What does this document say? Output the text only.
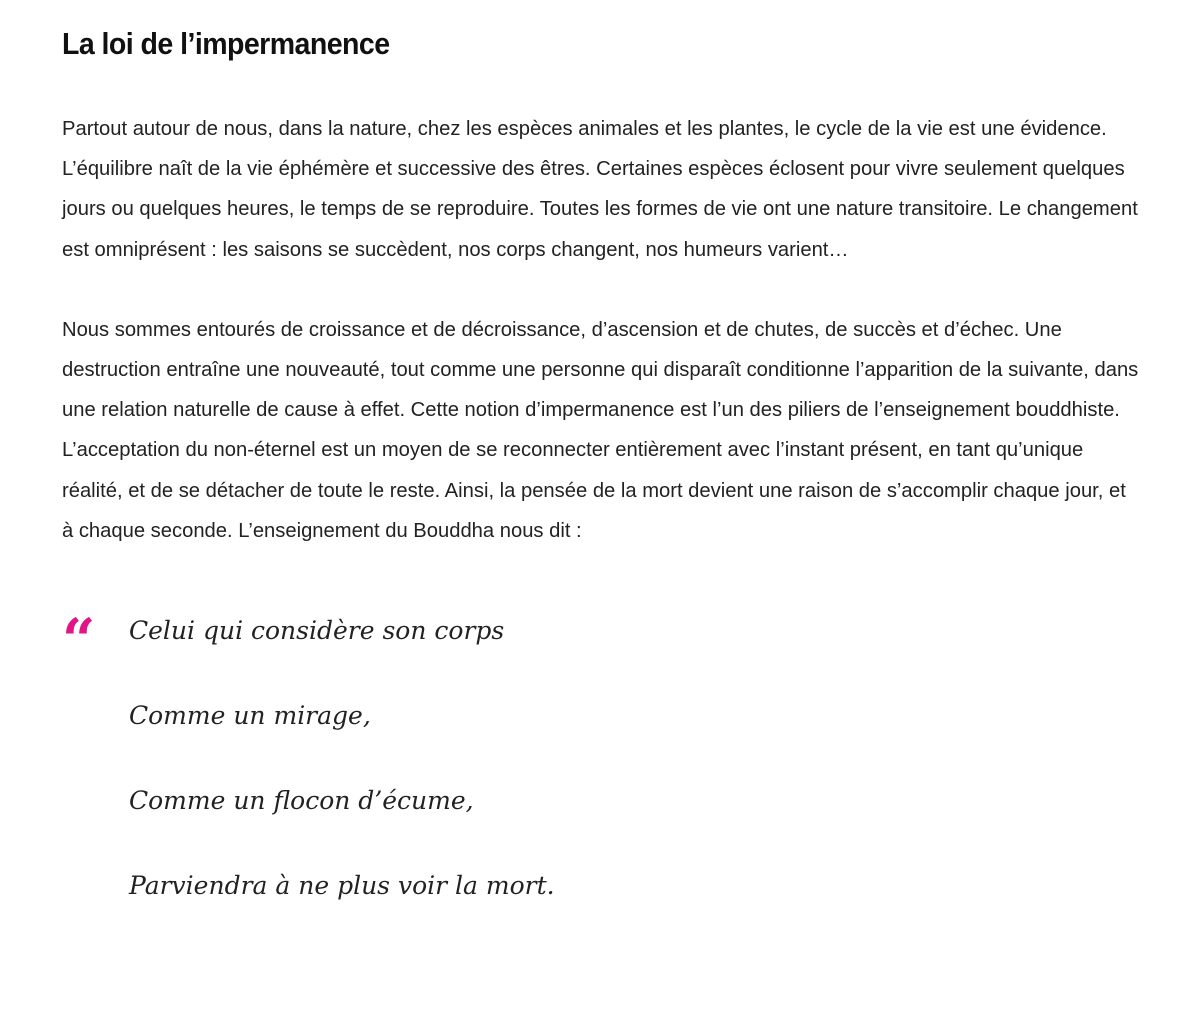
La loi de l’impermanence

Partout autour de nous, dans la nature, chez les espèces animales et les plantes, le cycle de la vie est une évidence. L’équilibre naît de la vie éphémère et successive des êtres. Certaines espèces éclosent pour vivre seulement quelques jours ou quelques heures, le temps de se reproduire. Toutes les formes de vie ont une nature transitoire. Le changement est omniprésent : les saisons se succèdent, nos corps changent, nos humeurs varient…

Nous sommes entourés de croissance et de décroissance, d’ascension et de chutes, de succès et d’échec. Une destruction entraîne une nouveauté, tout comme une personne qui disparaît conditionne l’apparition de la suivante, dans une relation naturelle de cause à effet. Cette notion d’impermanence est l’un des piliers de l’enseignement bouddhiste. L’acceptation du non-éternel est un moyen de se reconnecter entièrement avec l’instant présent, en tant qu’unique réalité, et de se détacher de toute le reste. Ainsi, la pensée de la mort devient une raison de s’accomplir chaque jour, et à chaque seconde. L’enseignement du Bouddha nous dit :

“ Celui qui considère son corps

Comme un mirage,

Comme un flocon d’écume,

Parviendra à ne plus voir la mort.
